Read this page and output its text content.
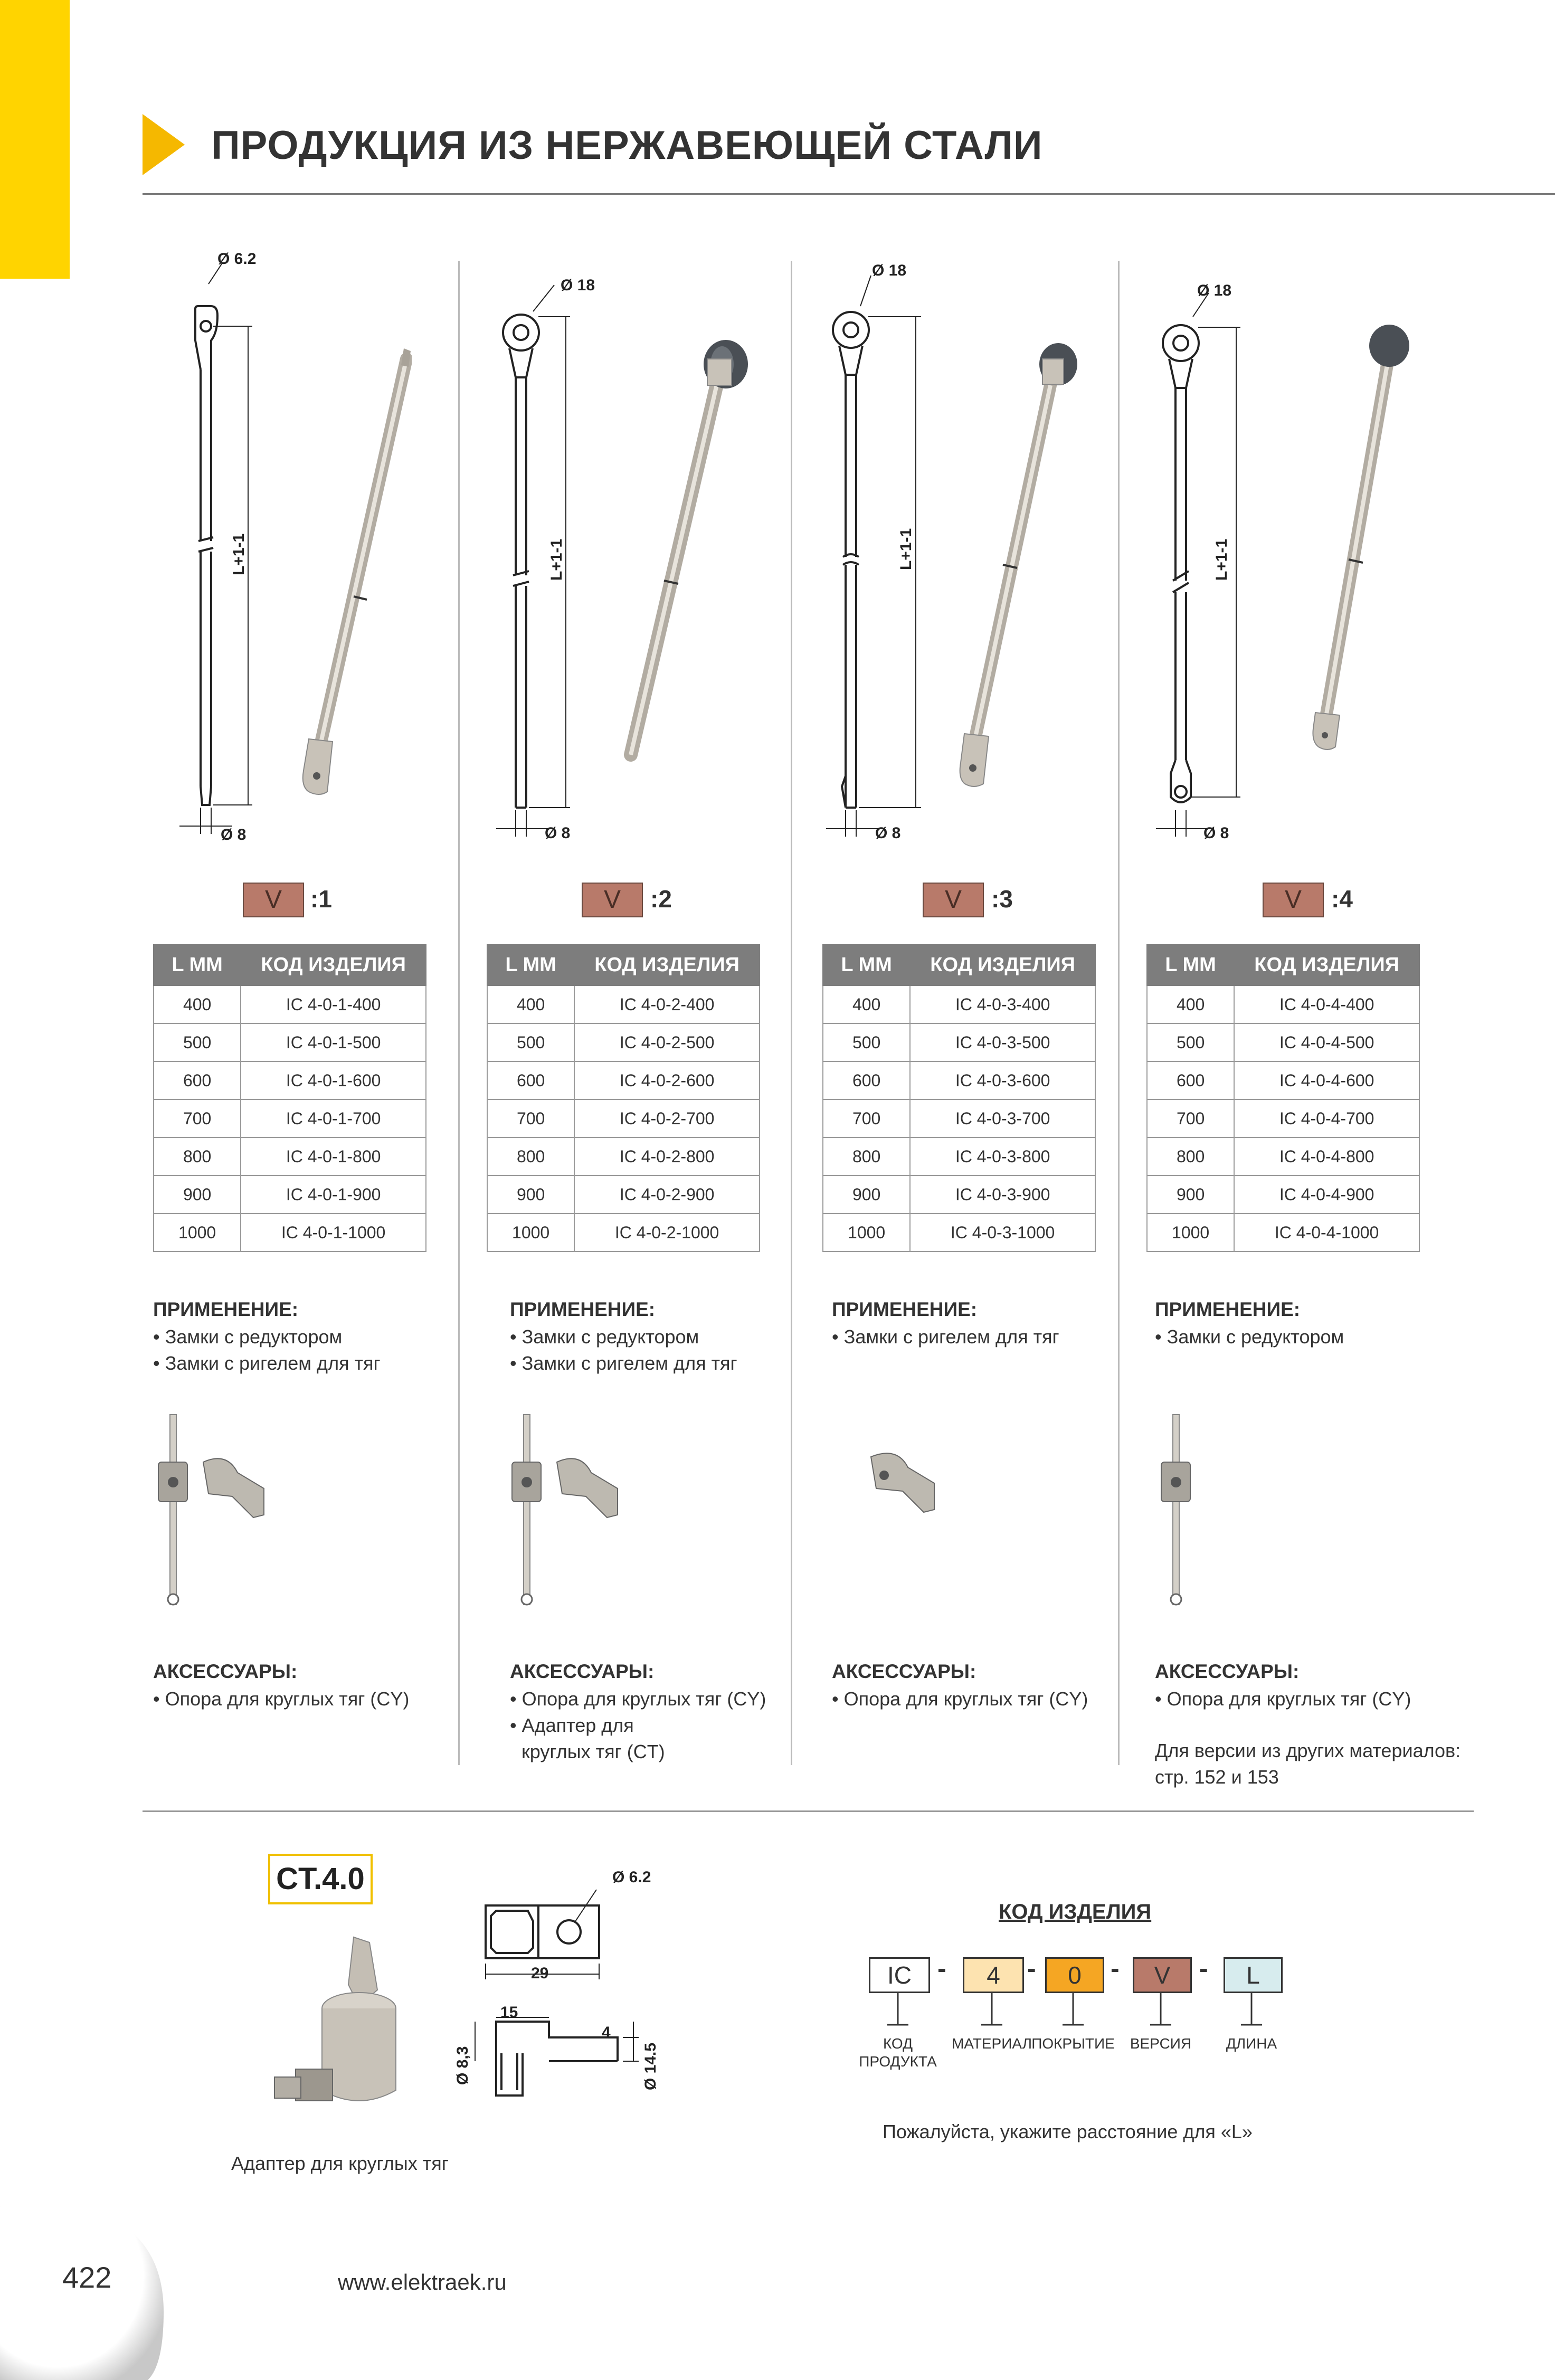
ПРОДУКЦИЯ ИЗ НЕРЖАВЕЮЩЕЙ СТАЛИ
Ø 6.2
L+1-1
Ø 8
Ø 18
L+1-1
Ø 8
Ø 18
L+1-1
Ø 8
Ø 18
L+1-1
Ø 8
V	:1	V	:2	V	:3	V	:4
L MM	КОД ИЗДЕЛИЯ
400	IC 4-0-1-400
500	IC 4-0-1-500
600	IC 4-0-1-600
700	IC 4-0-1-700
800	IC 4-0-1-800
900	IC 4-0-1-900
1000	IC 4-0-1-1000
L MM	КОД ИЗДЕЛИЯ
400	IC 4-0-2-400
500	IC 4-0-2-500
600	IC 4-0-2-600
700	IC 4-0-2-700
800	IC 4-0-2-800
900	IC 4-0-2-900
1000	IC 4-0-2-1000
L MM	КОД ИЗДЕЛИЯ
400	IC 4-0-3-400
500	IC 4-0-3-500
600	IC 4-0-3-600
700	IC 4-0-3-700
800	IC 4-0-3-800
900	IC 4-0-3-900
1000	IC 4-0-3-1000
L MM	КОД ИЗДЕЛИЯ
400	IC 4-0-4-400
500	IC 4-0-4-500
600	IC 4-0-4-600
700	IC 4-0-4-700
800	IC 4-0-4-800
900	IC 4-0-4-900
1000	IC 4-0-4-1000
ПРИМЕНЕНИЕ:
• Замки с редуктором
• Замки с ригелем для тяг
ПРИМЕНЕНИЕ:
• Замки с редуктором
• Замки с ригелем для тяг
ПРИМЕНЕНИЕ:
• Замки с ригелем для тяг
ПРИМЕНЕНИЕ:
• Замки с редуктором
АКСЕССУАРЫ:
• Опора для круглых тяг (CY)
АКСЕССУАРЫ:
• Опора для круглых тяг (CY)
• Адаптер для
круглых тяг (CT)
АКСЕССУАРЫ:
• Опора для круглых тяг (CY)
АКСЕССУАРЫ:
• Опора для круглых тяг (CY)
Для версии из других материалов:
стр. 152 и 153
CT.4.0
Адаптер для круглых тяг
Ø 6.2
29
15
4
Ø 8,3	Ø 14.5
КОД ИЗДЕЛИЯ
IC -	4	-	0	-	V	-	L
КОД
ПРОДУКТА
МАТЕРИАЛ ПОКРЫТИЕ	ВЕРСИЯ	ДЛИНА
Пожалуйста, укажите расстояние для «L»
422	www.elektraek.ru
